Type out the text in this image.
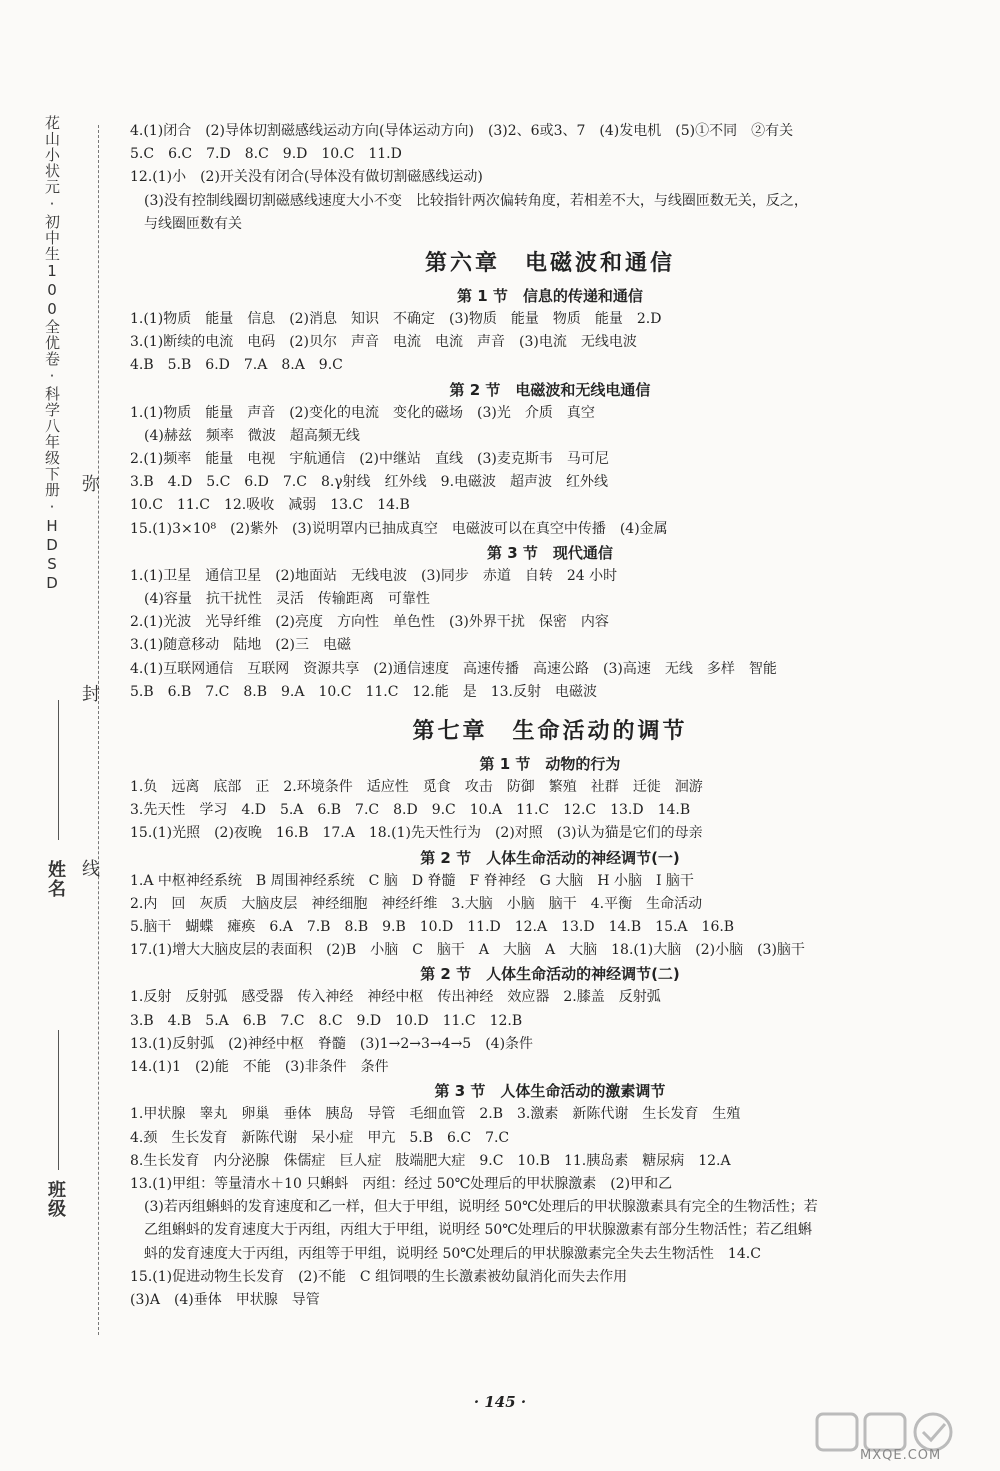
花山小状元·初中生100全优卷·科学八年级下册·HDSD
姓名
班级
弥
封
线
4.(1)闭合　(2)导体切割磁感线运动方向(导体运动方向)　(3)2、6或3、7　(4)发电机　(5)①不同　②有关
5.C　6.C　7.D　8.C　9.D　10.C　11.D
12.(1)小　(2)开关没有闭合(导体没有做切割磁感线运动)
(3)没有控制线圈切割磁感线速度大小不变　比较指针两次偏转角度，若相差不大，与线圈匝数无关，反之，
与线圈匝数有关
第六章　电磁波和通信
第 1 节　信息的传递和通信
1.(1)物质　能量　信息　(2)消息　知识　不确定　(3)物质　能量　物质　能量　2.D
3.(1)断续的电流　电码　(2)贝尔　声音　电流　电流　声音　(3)电流　无线电波
4.B　5.B　6.D　7.A　8.A　9.C
第 2 节　电磁波和无线电通信
1.(1)物质　能量　声音　(2)变化的电流　变化的磁场　(3)光　介质　真空
(4)赫兹　频率　微波　超高频无线
2.(1)频率　能量　电视　宇航通信　(2)中继站　直线　(3)麦克斯韦　马可尼
3.B　4.D　5.C　6.D　7.C　8.γ射线　红外线　9.电磁波　超声波　红外线
10.C　11.C　12.吸收　减弱　13.C　14.B
15.(1)3×10⁸　(2)紫外　(3)说明罩内已抽成真空　电磁波可以在真空中传播　(4)金属
第 3 节　现代通信
1.(1)卫星　通信卫星　(2)地面站　无线电波　(3)同步　赤道　自转　24 小时
(4)容量　抗干扰性　灵活　传输距离　可靠性
2.(1)光波　光导纤维　(2)亮度　方向性　单色性　(3)外界干扰　保密　内容
3.(1)随意移动　陆地　(2)三　电磁
4.(1)互联网通信　互联网　资源共享　(2)通信速度　高速传播　高速公路　(3)高速　无线　多样　智能
5.B　6.B　7.C　8.B　9.A　10.C　11.C　12.能　是　13.反射　电磁波
第七章　生命活动的调节
第 1 节　动物的行为
1.负　远离　底部　正　2.环境条件　适应性　觅食　攻击　防御　繁殖　社群　迁徙　洄游
3.先天性　学习　4.D　5.A　6.B　7.C　8.D　9.C　10.A　11.C　12.C　13.D　14.B
15.(1)光照　(2)夜晚　16.B　17.A　18.(1)先天性行为　(2)对照　(3)认为猫是它们的母亲
第 2 节　人体生命活动的神经调节(一)
1.A 中枢神经系统　B 周围神经系统　C 脑　D 脊髓　F 脊神经　G 大脑　H 小脑　I 脑干
2.内　回　灰质　大脑皮层　神经细胞　神经纤维　3.大脑　小脑　脑干　4.平衡　生命活动
5.脑干　蝴蝶　瘫痪　6.A　7.B　8.B　9.B　10.D　11.D　12.A　13.D　14.B　15.A　16.B
17.(1)增大大脑皮层的表面积　(2)B　小脑　C　脑干　A　大脑　A　大脑　18.(1)大脑　(2)小脑　(3)脑干
第 2 节　人体生命活动的神经调节(二)
1.反射　反射弧　感受器　传入神经　神经中枢　传出神经　效应器　2.膝盖　反射弧
3.B　4.B　5.A　6.B　7.C　8.C　9.D　10.D　11.C　12.B
13.(1)反射弧　(2)神经中枢　脊髓　(3)1→2→3→4→5　(4)条件
14.(1)1　(2)能　不能　(3)非条件　条件
第 3 节　人体生命活动的激素调节
1.甲状腺　睾丸　卵巢　垂体　胰岛　导管　毛细血管　2.B　3.激素　新陈代谢　生长发育　生殖
4.颈　生长发育　新陈代谢　呆小症　甲亢　5.B　6.C　7.C
8.生长发育　内分泌腺　侏儒症　巨人症　肢端肥大症　9.C　10.B　11.胰岛素　糖尿病　12.A
13.(1)甲组：等量清水＋10 只蝌蚪　丙组：经过 50℃处理后的甲状腺激素　(2)甲和乙
(3)若丙组蝌蚪的发育速度和乙一样，但大于甲组，说明经 50℃处理后的甲状腺激素具有完全的生物活性；若
乙组蝌蚪的发育速度大于丙组，丙组大于甲组，说明经 50℃处理后的甲状腺激素有部分生物活性；若乙组蝌
蚪的发育速度大于丙组，丙组等于甲组，说明经 50℃处理后的甲状腺激素完全失去生物活性　14.C
15.(1)促进动物生长发育　(2)不能　C 组饲喂的生长激素被幼鼠消化而失去作用
(3)A　(4)垂体　甲状腺　导管
· 145 ·
MXQE.COM
